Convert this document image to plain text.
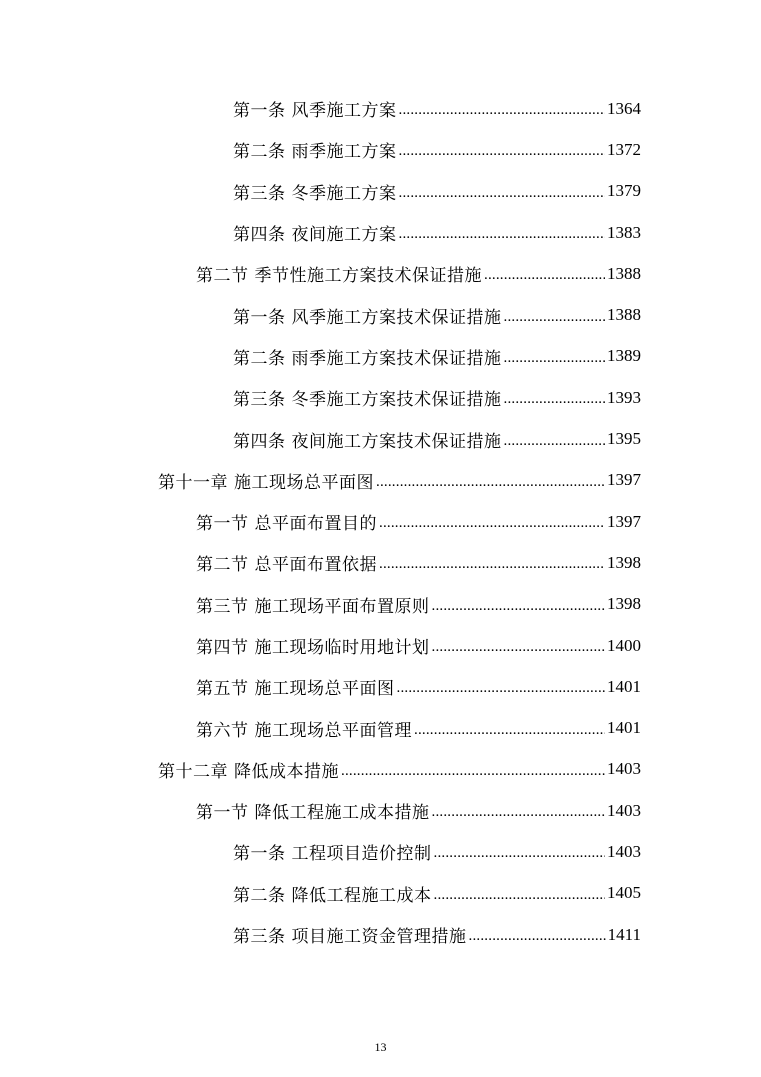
第一条 风季施工方案 .....	1364
第二条 雨季施工方案 .....	1372
第三条 冬季施工方案 .....	1379
第四条 夜间施工方案 .....	1383
第二节 季节性施工方案技术保证措施 .....	1388
第一条 风季施工方案技术保证措施 .....	1388
第二条 雨季施工方案技术保证措施 .....	1389
第三条 冬季施工方案技术保证措施 .....	1393
第四条 夜间施工方案技术保证措施 .....	1395
第十一章 施工现场总平面图 .....	1397
第一节 总平面布置目的 .....	1397
第二节 总平面布置依据 .....	1398
第三节 施工现场平面布置原则 .....	1398
第四节 施工现场临时用地计划 .....	1400
第五节 施工现场总平面图 .....	1401
第六节 施工现场总平面管理 .....	1401
第十二章 降低成本措施 .....	1403
第一节 降低工程施工成本措施 .....	1403
第一条 工程项目造价控制 .....	1403
第二条 降低工程施工成本 .....	1405
第三条 项目施工资金管理措施 .....	1411
13
